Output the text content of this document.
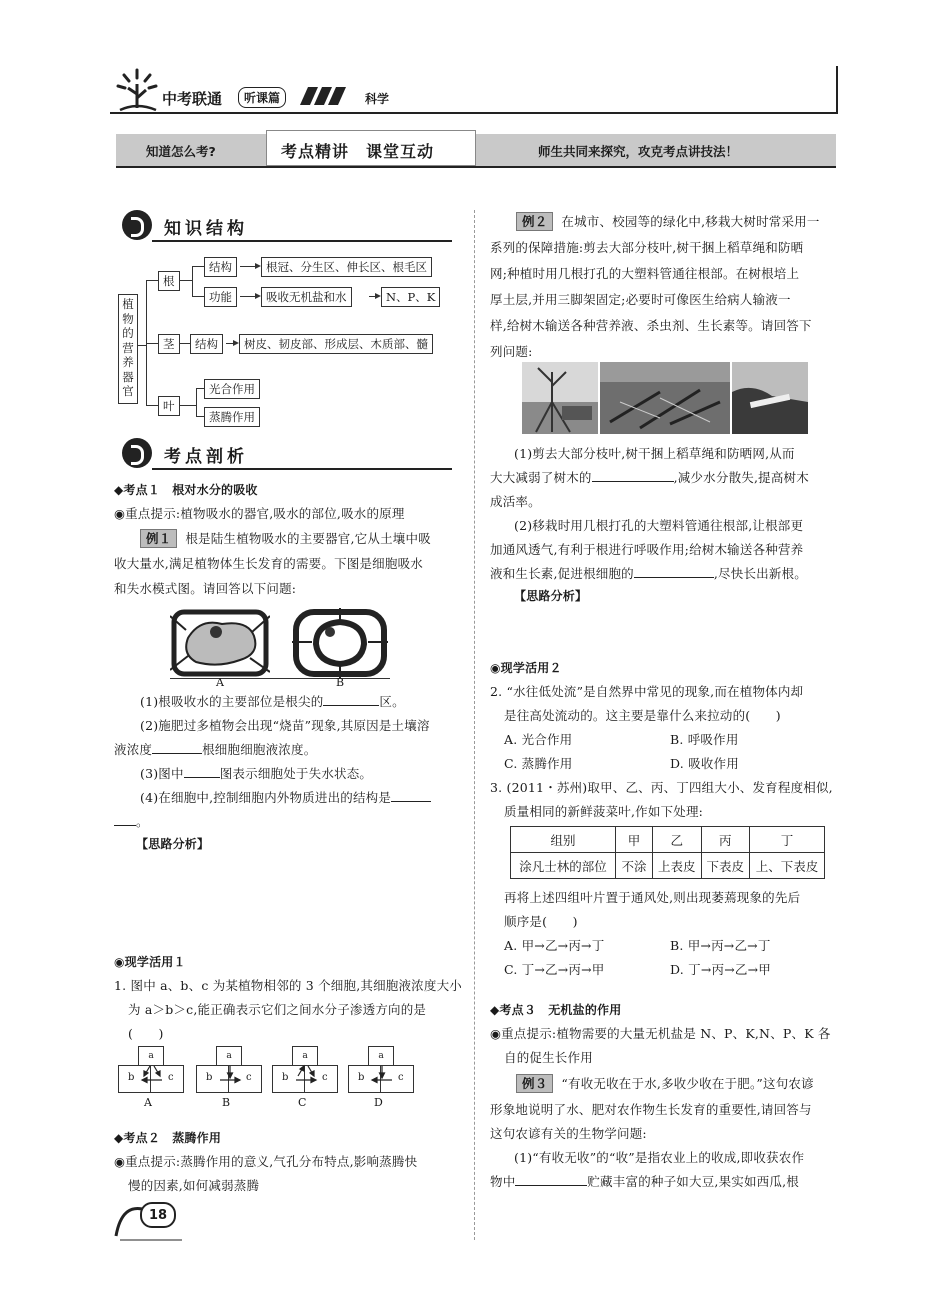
中考联通	听课篇	科学
知道怎么考?	考点精讲　课堂互动	师生共同来探究，攻克考点讲技法！
知识结构
植
物
的
营
养
器
官
根
结构	根冠、分生区、伸长区、根毛区
功能	吸收无机盐和水	N、P、K
茎	结构	树皮、韧皮部、形成层、木质部、髓
叶
光合作用
蒸腾作用
考点剖析
◆考点１　根对水分的吸收
◉重点提示:植物吸水的器官,吸水的部位,吸水的原理
例１ 根是陆生植物吸水的主要器官,它从土壤中吸
收大量水,满足植物体生长发育的需要。下图是细胞吸水
和失水模式图。请回答以下问题:
A	B
(1)根吸收水的主要部位是根尖的	区。
(2)施肥过多植物会出现“烧苗”现象,其原因是土壤溶
液浓度	根细胞细胞液浓度。
(3)图中	图表示细胞处于失水状态。
(4)在细胞中,控制细胞内外物质进出的结构是
。
【思路分析】
◉现学活用１
1. 图中 a、b、c 为某植物相邻的 3 个细胞,其细胞液浓度大小
为 a＞b＞c,能正确表示它们之间水分子渗透方向的是
(　　)
a
b	c
A
a
b	c
B
a
b	c
C
a
b	c
D
◆考点２　蒸腾作用
◉重点提示:蒸腾作用的意义,气孔分布特点,影响蒸腾快
慢的因素,如何减弱蒸腾
例２ 在城市、校园等的绿化中,移栽大树时常采用一
系列的保障措施:剪去大部分枝叶,树干捆上稻草绳和防晒
网;种植时用几根打孔的大塑料管通往根部。在树根培上
厚土层,并用三脚架固定;必要时可像医生给病人输液一
样,给树木输送各种营养液、杀虫剂、生长素等。请回答下
列问题:
(1)剪去大部分枝叶,树干捆上稻草绳和防晒网,从而
大大减弱了树木的	,减少水分散失,提高树木
成活率。
(2)移栽时用几根打孔的大塑料管通往根部,让根部更
加通风透气,有利于根进行呼吸作用;给树木输送各种营养
液和生长素,促进根细胞的	,尽快长出新根。
【思路分析】
◉现学活用２
2. “水往低处流”是自然界中常见的现象,而在植物体内却
是往高处流动的。这主要是靠什么来拉动的(　　)
A. 光合作用	B. 呼吸作用
C. 蒸腾作用	D. 吸收作用
3. (2011・苏州)取甲、乙、丙、丁四组大小、发育程度相似,
质量相同的新鲜菠菜叶,作如下处理:
组别	甲	乙	丙	丁
涂凡士林的部位	不涂	上表皮	下表皮	上、下表皮
再将上述四组叶片置于通风处,则出现萎蔫现象的先后
顺序是(　　)
A. 甲→乙→丙→丁	B. 甲→丙→乙→丁
C. 丁→乙→丙→甲	D. 丁→丙→乙→甲
◆考点３　无机盐的作用
◉重点提示:植物需要的大量无机盐是 N、P、K,N、P、K 各
自的促生长作用
例３ “有收无收在于水,多收少收在于肥。”这句农谚
形象地说明了水、肥对农作物生长发育的重要性,请回答与
这句农谚有关的生物学问题:
(1)“有收无收”的“收”是指农业上的收成,即收获农作
物中	贮藏丰富的种子如大豆,果实如西瓜,根
18
